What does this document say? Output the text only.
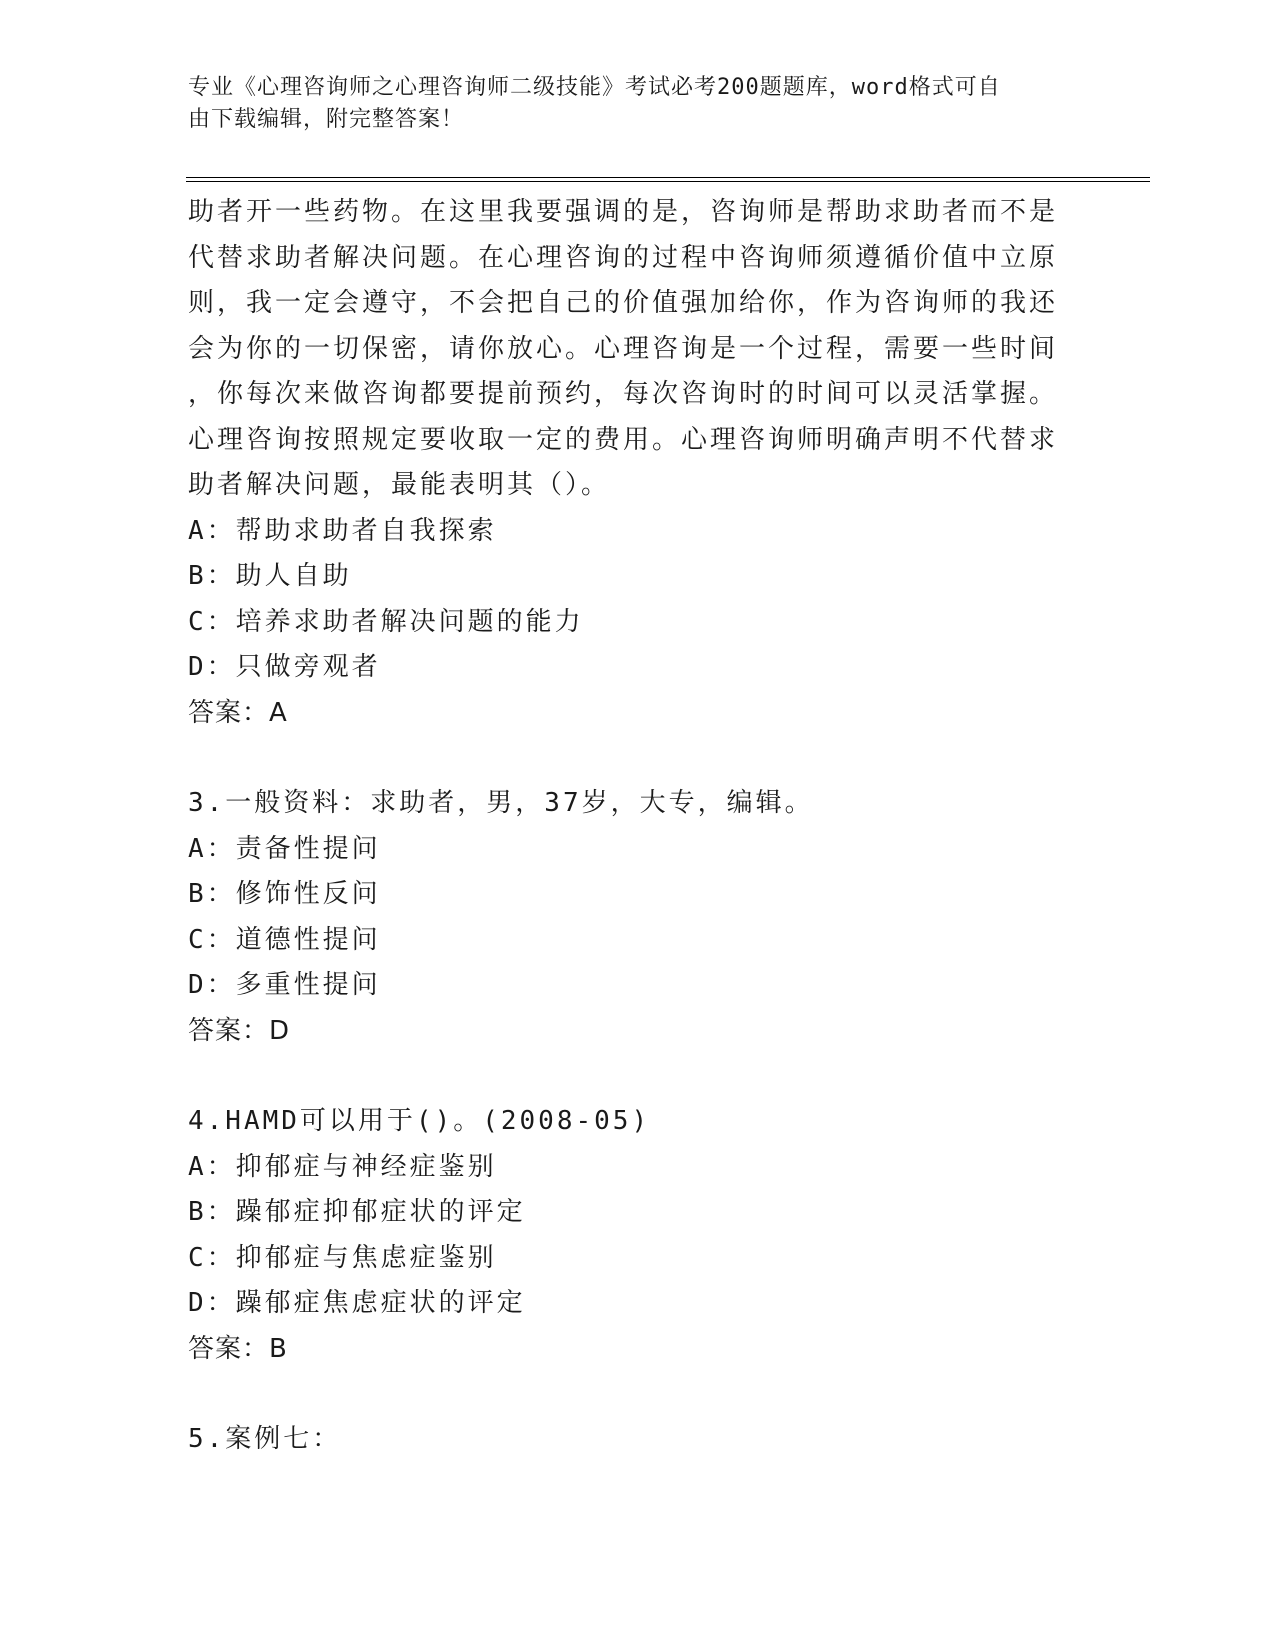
专业《心理咨询师之心理咨询师二级技能》考试必考200题题库，word格式可自
由下载编辑，附完整答案！
助者开一些药物。在这里我要强调的是，咨询师是帮助求助者而不是
代替求助者解决问题。在心理咨询的过程中咨询师须遵循价值中立原
则，我一定会遵守，不会把自己的价值强加给你，作为咨询师的我还
会为你的一切保密，请你放心。心理咨询是一个过程，需要一些时间
，你每次来做咨询都要提前预约，每次咨询时的时间可以灵活掌握。
心理咨询按照规定要收取一定的费用。心理咨询师明确声明不代替求
助者解决问题，最能表明其（）。
A：帮助求助者自我探索
B：助人自助
C：培养求助者解决问题的能力
D：只做旁观者
答案：A
3.一般资料：求助者，男，37岁，大专，编辑。
A：责备性提问
B：修饰性反问
C：道德性提问
D：多重性提问
答案：D
4.HAMD可以用于()。(2008-05)
A：抑郁症与神经症鉴别
B：躁郁症抑郁症状的评定
C：抑郁症与焦虑症鉴别
D：躁郁症焦虑症状的评定
答案：B
5.案例七：
